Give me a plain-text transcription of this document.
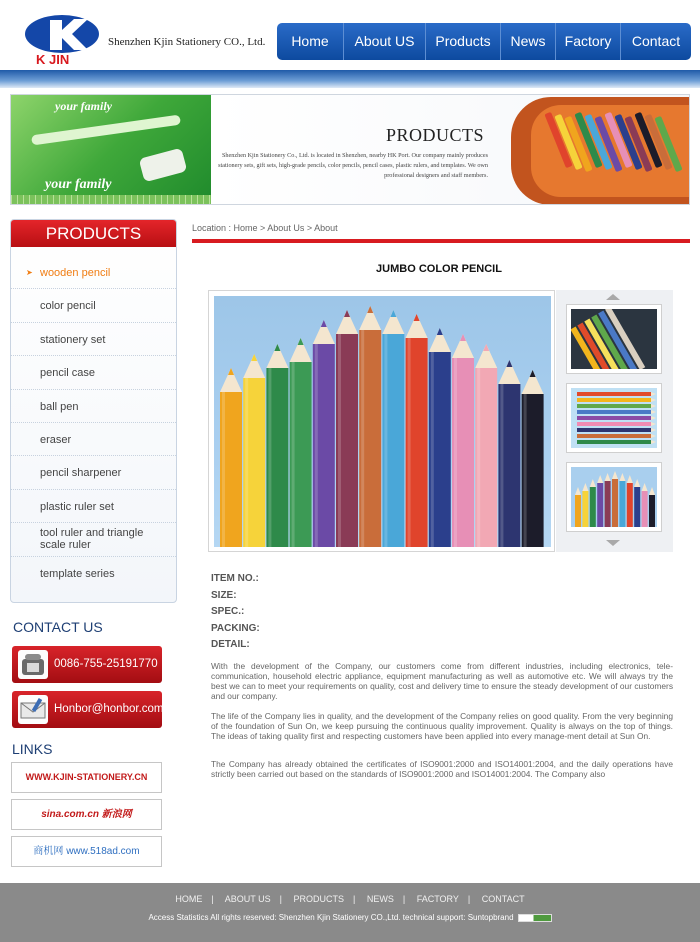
K JIN
Shenzhen Kjin Stationery CO., Ltd.	Home	About US	Products	News	Factory	Contact
your family
your family
PRODUCTS
Shenzhen Kjin Stationery Co., Ltd. is located in Shenzhen, nearby HK Port. Our company mainly produces stationery sets, gift sets, high-grade pencils, color pencils, pencil cases, plastic rulers, and templates. We own professional designers and staff members.
PRODUCTS
➤ wooden pencil
color pencil
stationery set
pencil case
ball pen
eraser
pencil sharpener
plastic ruler set
tool ruler and triangle scale ruler
template series
CONTACT US
0086-755-25191770
Honbor@honbor.com
LINKS
WWW.KJIN-STATIONERY.CN
sina.com.cn 新浪网
商机网 www.518ad.com
Location : Home > About Us > About
JUMBO COLOR PENCIL
ITEM NO.:
SIZE:
SPEC.:
PACKING:
DETAIL:
With the development of the Company, our customers come from different industries, including electronics, tele-communication, household electric appliance, equipment manufacturing as well as automotive etc. We will always try the best we can to meet your requirements on quality, cost and delivery time to ensure the steady development of our customers and our company.
The life of the Company lies in quality, and the development of the Company relies on good quality. From the very beginning of the foundation of Sun On, we keep pursuing the continuous quality improvement. Quality is always on the top of things. The ideas of taking quality first and respecting customers have been applied into every manage-ment detail at Sun On.
The Company has already obtained the certificates of ISO9001:2000 and ISO14001:2004, and the daily operations have strictly been carried out based on the standards of ISO9001:2000 and ISO14001:2004. The Company also
HOME | ABOUT US | PRODUCTS | NEWS | FACTORY | CONTACT
Access Statistics All rights reserved: Shenzhen Kjin Stationery CO.,Ltd. technical support: Suntopbrand
